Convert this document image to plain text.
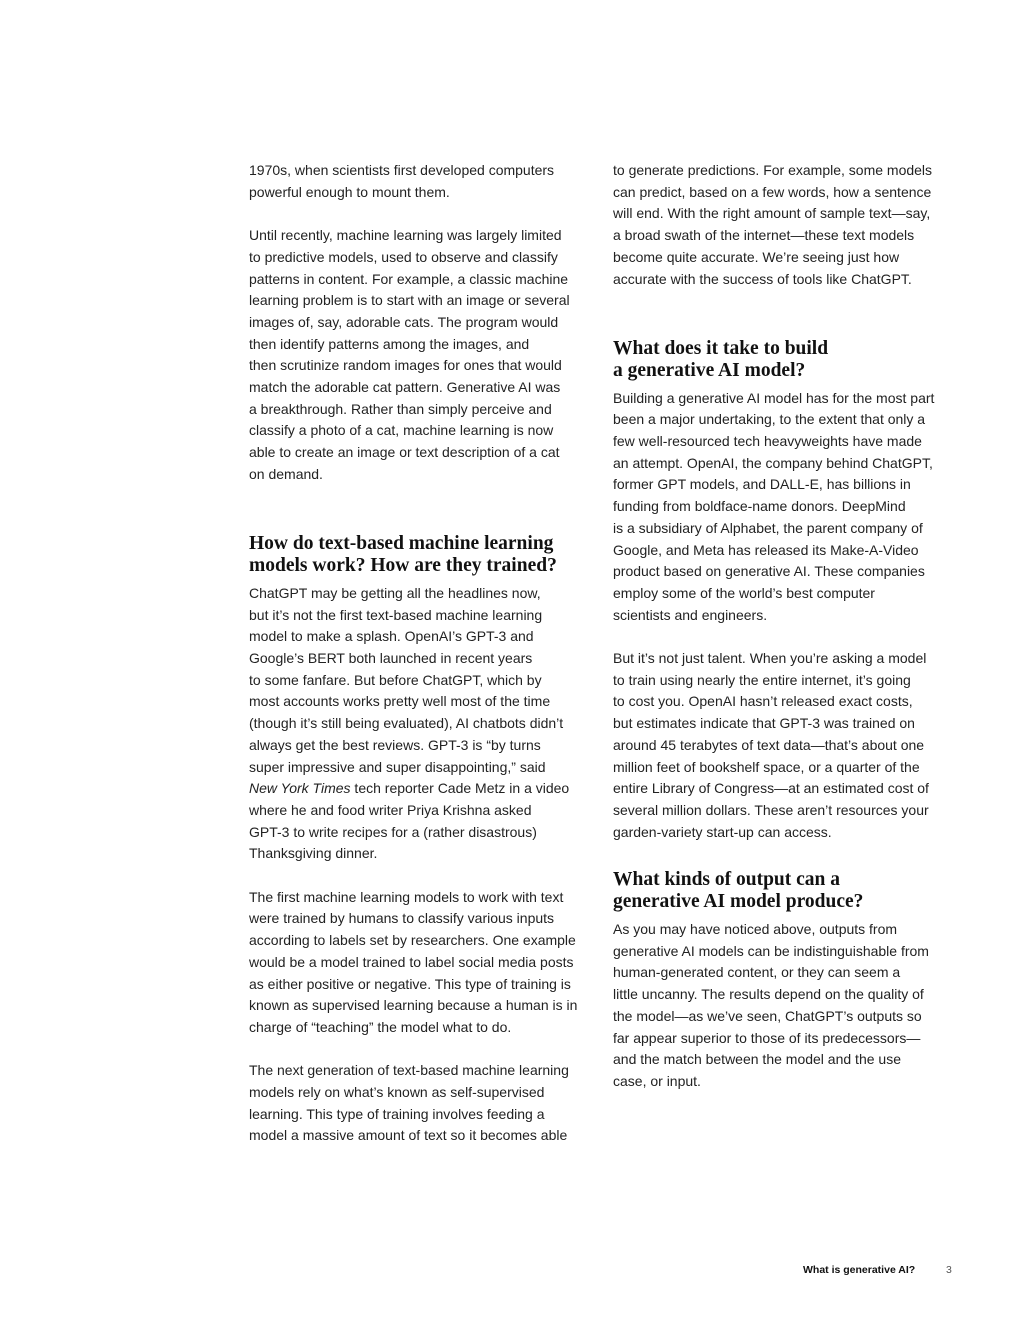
1970s, when scientists first developed computers
powerful enough to mount them.
Until recently, machine learning was largely limited
to predictive models, used to observe and classify
patterns in content. For example, a classic machine
learning problem is to start with an image or several
images of, say, adorable cats. The program would
then identify patterns among the images, and
then scrutinize random images for ones that would
match the adorable cat pattern. Generative AI was
a breakthrough. Rather than simply perceive and
classify a photo of a cat, machine learning is now
able to create an image or text description of a cat
on demand.
How do text-based machine learning
models work? How are they trained?
ChatGPT may be getting all the headlines now,
but it’s not the first text-based machine learning
model to make a splash. OpenAI’s GPT-3 and
Google’s BERT both launched in recent years
to some fanfare. But before ChatGPT, which by
most accounts works pretty well most of the time
(though it’s still being evaluated), AI chatbots didn’t
always get the best reviews. GPT-3 is “by turns
super impressive and super disappointing,” said
New York Times tech reporter Cade Metz in a video
where he and food writer Priya Krishna asked
GPT-3 to write recipes for a (rather disastrous)
Thanksgiving dinner.
The first machine learning models to work with text
were trained by humans to classify various inputs
according to labels set by researchers. One example
would be a model trained to label social media posts
as either positive or negative. This type of training is
known as supervised learning because a human is in
charge of “teaching” the model what to do.
The next generation of text-based machine learning
models rely on what’s known as self-supervised
learning. This type of training involves feeding a
model a massive amount of text so it becomes able
to generate predictions. For example, some models
can predict, based on a few words, how a sentence
will end. With the right amount of sample text—say,
a broad swath of the internet—these text models
become quite accurate. We’re seeing just how
accurate with the success of tools like ChatGPT.
What does it take to build
a generative AI model?
Building a generative AI model has for the most part
been a major undertaking, to the extent that only a
few well-resourced tech heavyweights have made
an attempt. OpenAI, the company behind ChatGPT,
former GPT models, and DALL-E, has billions in
funding from boldface-name donors. DeepMind
is a subsidiary of Alphabet, the parent company of
Google, and Meta has released its Make-A-Video
product based on generative AI. These companies
employ some of the world’s best computer
scientists and engineers.
But it’s not just talent. When you’re asking a model
to train using nearly the entire internet, it’s going
to cost you. OpenAI hasn’t released exact costs,
but estimates indicate that GPT-3 was trained on
around 45 terabytes of text data—that’s about one
million feet of bookshelf space, or a quarter of the
entire Library of Congress—at an estimated cost of
several million dollars. These aren’t resources your
garden-variety start-up can access.
What kinds of output can a
generative AI model produce?
As you may have noticed above, outputs from
generative AI models can be indistinguishable from
human-generated content, or they can seem a
little uncanny. The results depend on the quality of
the model—as we’ve seen, ChatGPT’s outputs so
far appear superior to those of its predecessors—
and the match between the model and the use
case, or input.
What is generative AI?	3
